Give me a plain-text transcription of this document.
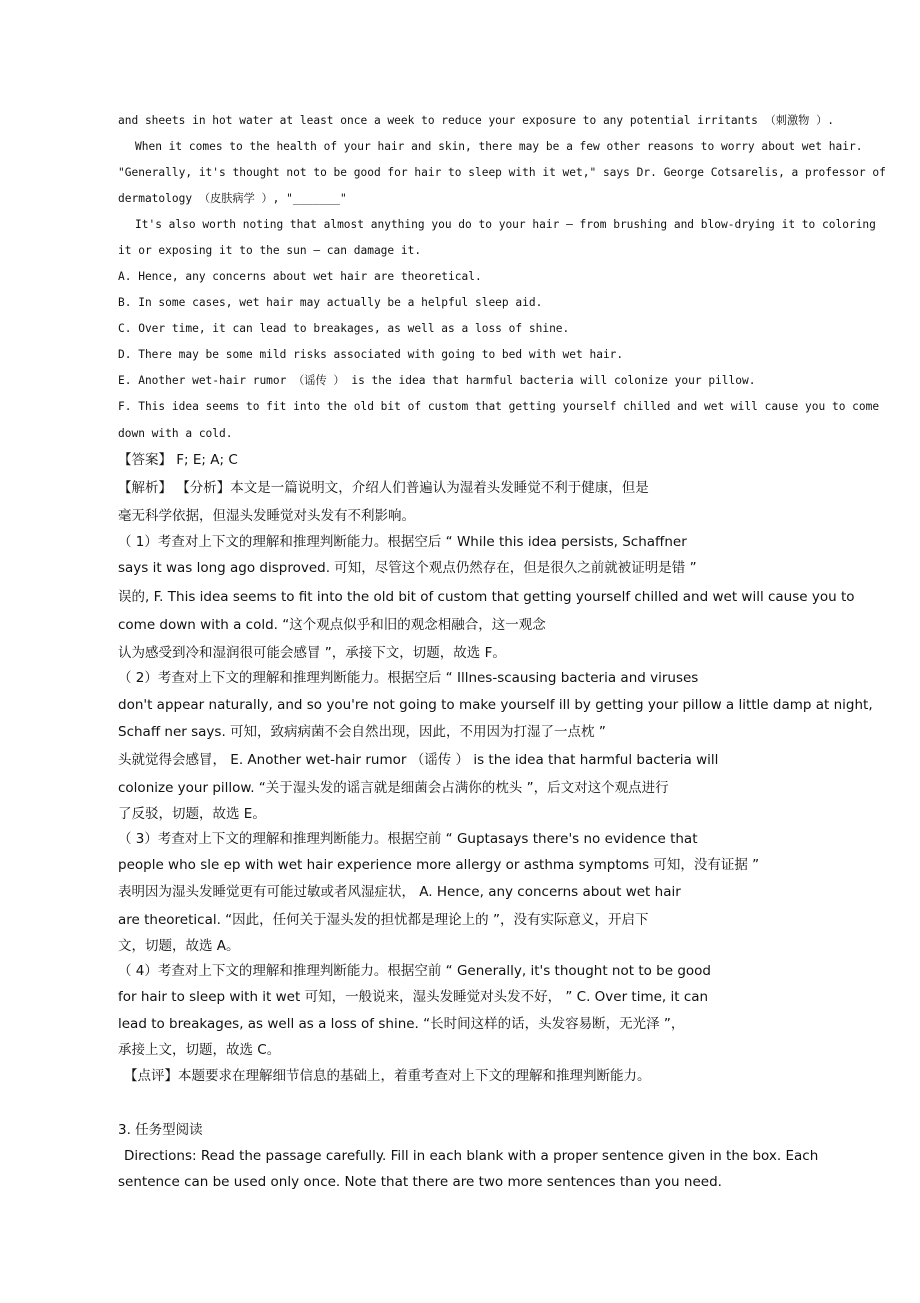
and sheets in hot water at least once a week to reduce your exposure to any potential irritants （刺激物 ）.
When it comes to the health of your hair and skin, there may be a few other reasons to worry about wet hair.
"Generally, it's thought not to be good for hair to sleep with it wet," says Dr. George Cotsarelis, a professor of
dermatology （皮肤病学 ）, "_______"
It's also worth noting that almost anything you do to your hair — from brushing and blow-drying it to coloring
it or exposing it to the sun — can damage it.
A. Hence, any concerns about wet hair are theoretical.
B. In some cases, wet hair may actually be a helpful sleep aid.
C. Over time, it can lead to breakages, as well as a loss of shine.
D. There may be some mild risks associated with going to bed with wet hair.
E. Another wet-hair rumor （谣传 ） is the idea that harmful bacteria will colonize your pillow.
F. This idea seems to fit into the old bit of custom that getting yourself chilled and wet will cause you to come
down with a cold.
【答案】 F; E; A; C
【解析】 【分析】本文是一篇说明文，介绍人们普遍认为湿着头发睡觉不利于健康，但是
毫无科学依据，但湿头发睡觉对头发有不利影响。
（ 1）考查对上下文的理解和推理判断能力。根据空后 “ While this idea persists, Schaffner
says it was long ago disproved. 可知，尽管这个观点仍然存在，但是很久之前就被证明是错 ”
误的, F. This idea seems to fit into the old bit of custom that getting yourself chilled and wet will cause you to
come down with a cold. “这个观点似乎和旧的观念相融合，这一观念
认为感受到冷和湿润很可能会感冒 ”，承接下文，切题，故选 F。
（ 2）考查对上下文的理解和推理判断能力。根据空后 “ Illnes-scausing bacteria and viruses
don't appear naturally, and so you're not going to make yourself ill by getting your pillow a little damp at night,
Schaff ner says. 可知，致病病菌不会自然出现，因此，不用因为打湿了一点枕 ”
头就觉得会感冒， E. Another wet-hair rumor （谣传 ） is the idea that harmful bacteria will
colonize your pillow. “关于湿头发的谣言就是细菌会占满你的枕头 ”，后文对这个观点进行
了反驳，切题，故选 E。
（ 3）考查对上下文的理解和推理判断能力。根据空前 “ Guptasays there's no evidence that
people who sle ep with wet hair experience more allergy or asthma symptoms 可知，没有证据 ”
表明因为湿头发睡觉更有可能过敏或者风湿症状， A. Hence, any concerns about wet hair
are theoretical. “因此，任何关于湿头发的担忧都是理论上的 ”，没有实际意义，开启下
文，切题，故选 A。
（ 4）考查对上下文的理解和推理判断能力。根据空前 “ Generally, it's thought not to be good
for hair to sleep with it wet 可知，一般说来，湿头发睡觉对头发不好， ” C. Over time, it can
lead to breakages, as well as a loss of shine. “长时间这样的话，头发容易断，无光泽 ”，
承接上文，切题，故选 C。
【点评】本题要求在理解细节信息的基础上，着重考查对上下文的理解和推理判断能力。
3. 任务型阅读
Directions: Read the passage carefully. Fill in each blank with a proper sentence given in the box. Each
sentence can be used only once. Note that there are two more sentences than you need.
